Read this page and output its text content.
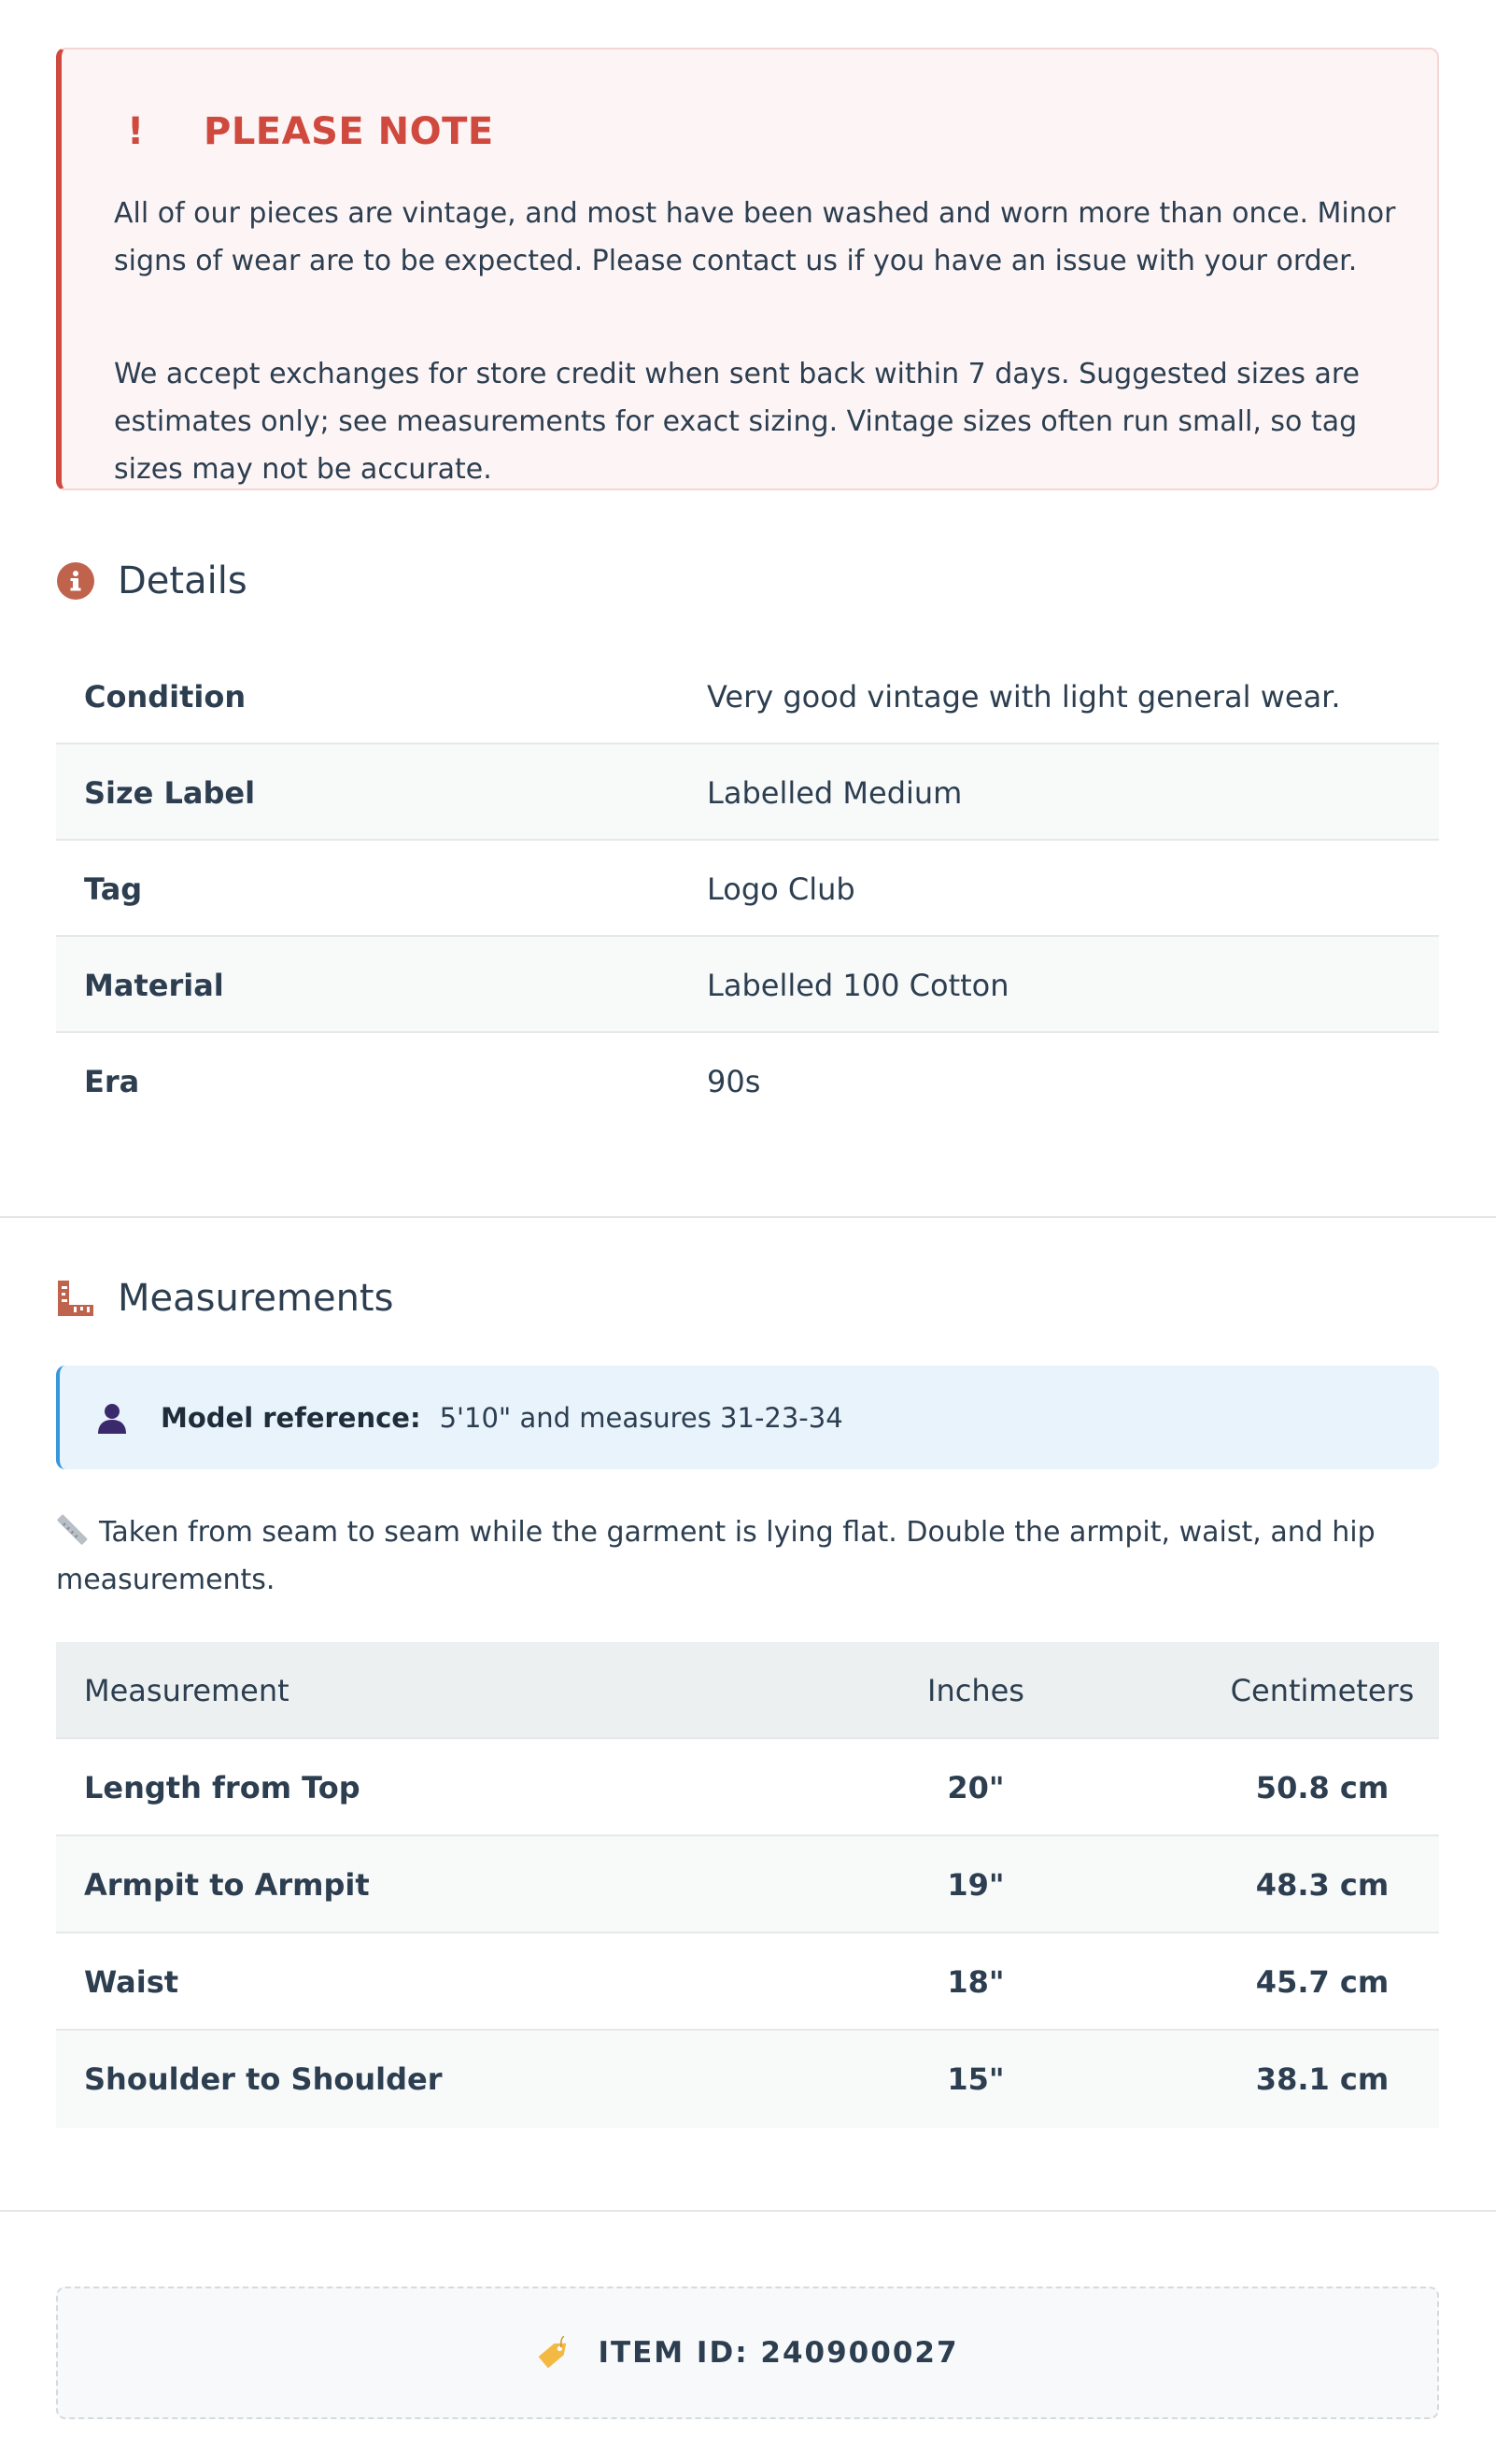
! PLEASE NOTE

All of our pieces are vintage, and most have been washed and worn more than once. Minor signs of wear are to be expected. Please contact us if you have an issue with your order.

We accept exchanges for store credit when sent back within 7 days. Suggested sizes are estimates only; see measurements for exact sizing. Vintage sizes often run small, so tag sizes may not be accurate.

Details
Condition	Very good vintage with light general wear.
Size Label	Labelled Medium
Tag	Logo Club
Material	Labelled 100 Cotton
Era	90s
Measurements
Model reference: 5'10" and measures 31-23-34

Taken from seam to seam while the garment is lying flat. Double the armpit, waist, and hip measurements.

Measurement	Inches	Centimeters
Length from Top	20"	50.8 cm
Armpit to Armpit	19"	48.3 cm
Waist	18"	45.7 cm
Shoulder to Shoulder	15"	38.1 cm
ITEM ID: 240900027
